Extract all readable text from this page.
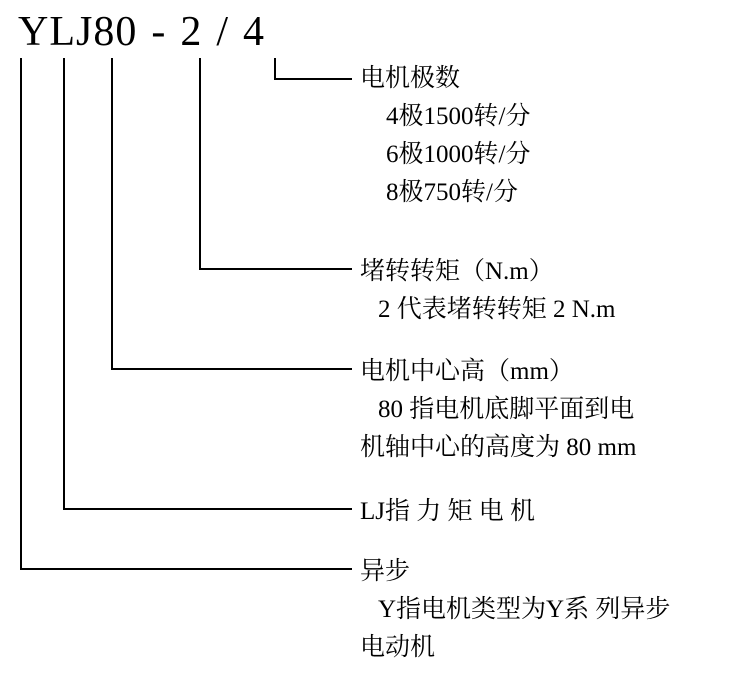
YLJ80 - 2 / 4
电机极数
4极1500转/分
6极1000转/分
8极750转/分
堵转转矩（N.m）
2 代表堵转转矩 2 N.m
电机中心高（mm）
80 指电机底脚平面到电
机轴中心的高度为 80 mm
LJ指 力 矩 电 机
异步
Y指电机类型为Y系 列异步
电动机
